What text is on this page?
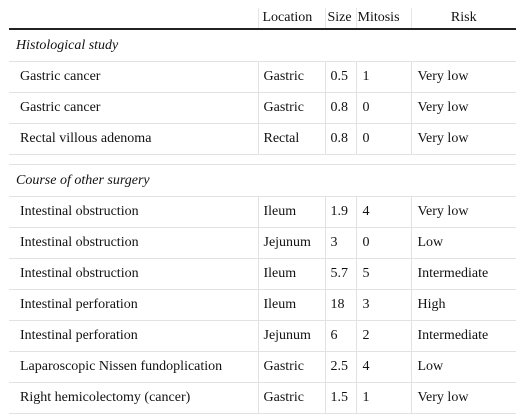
	Location	Size	Mitosis	Risk
Histological study				
Gastric cancer	Gastric	0.5	1	Very low
Gastric cancer	Gastric	0.8	0	Very low
Rectal villous adenoma	Rectal	0.8	0	Very low

Course of other surgery				
Intestinal obstruction	Ileum	1.9	4	Very low
Intestinal obstruction	Jejunum	3	0	Low
Intestinal obstruction	Ileum	5.7	5	Intermediate
Intestinal perforation	Ileum	18	3	High
Intestinal perforation	Jejunum	6	2	Intermediate
Laparoscopic Nissen fundoplication	Gastric	2.5	4	Low
Right hemicolectomy (cancer)	Gastric	1.5	1	Very low
